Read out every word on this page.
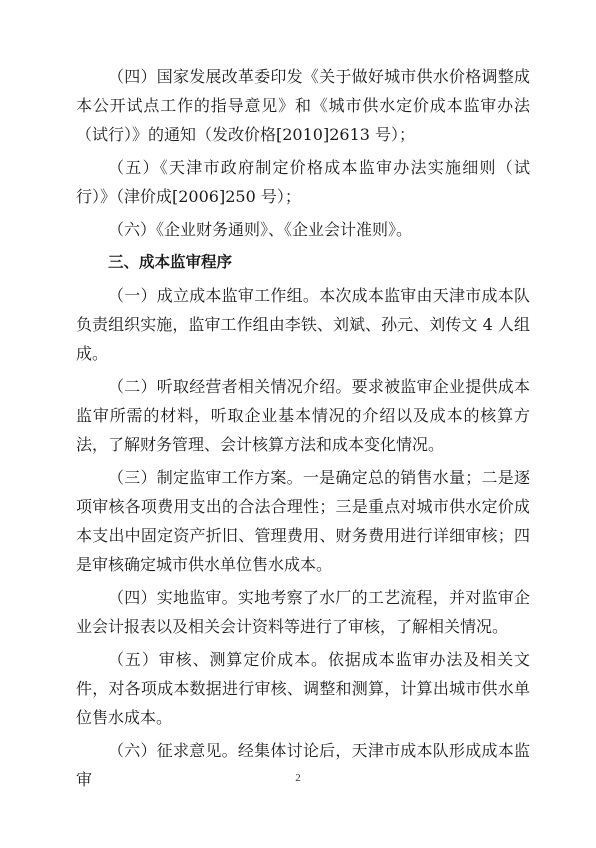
（四）国家发展改革委印发《关于做好城市供水价格调整成本公开试点工作的指导意见》和《城市供水定价成本监审办法（试行）》的通知（发改价格[2010]2613 号）；

（五）《天津市政府制定价格成本监审办法实施细则（试行）》（津价成[2006]250 号）；

（六）《企业财务通则》、《企业会计准则》。

三、成本监审程序

（一）成立成本监审工作组。本次成本监审由天津市成本队负责组织实施，监审工作组由李铁、刘斌、孙元、刘传文 4 人组成。

（二）听取经营者相关情况介绍。要求被监审企业提供成本监审所需的材料，听取企业基本情况的介绍以及成本的核算方法，了解财务管理、会计核算方法和成本变化情况。

（三）制定监审工作方案。一是确定总的销售水量；二是逐项审核各项费用支出的合法合理性；三是重点对城市供水定价成本支出中固定资产折旧、管理费用、财务费用进行详细审核；四是审核确定城市供水单位售水成本。

（四）实地监审。实地考察了水厂的工艺流程，并对监审企业会计报表以及相关会计资料等进行了审核，了解相关情况。

（五）审核、测算定价成本。依据成本监审办法及相关文件，对各项成本数据进行审核、调整和测算，计算出城市供水单位售水成本。

（六）征求意见。经集体讨论后，天津市成本队形成成本监审	2
